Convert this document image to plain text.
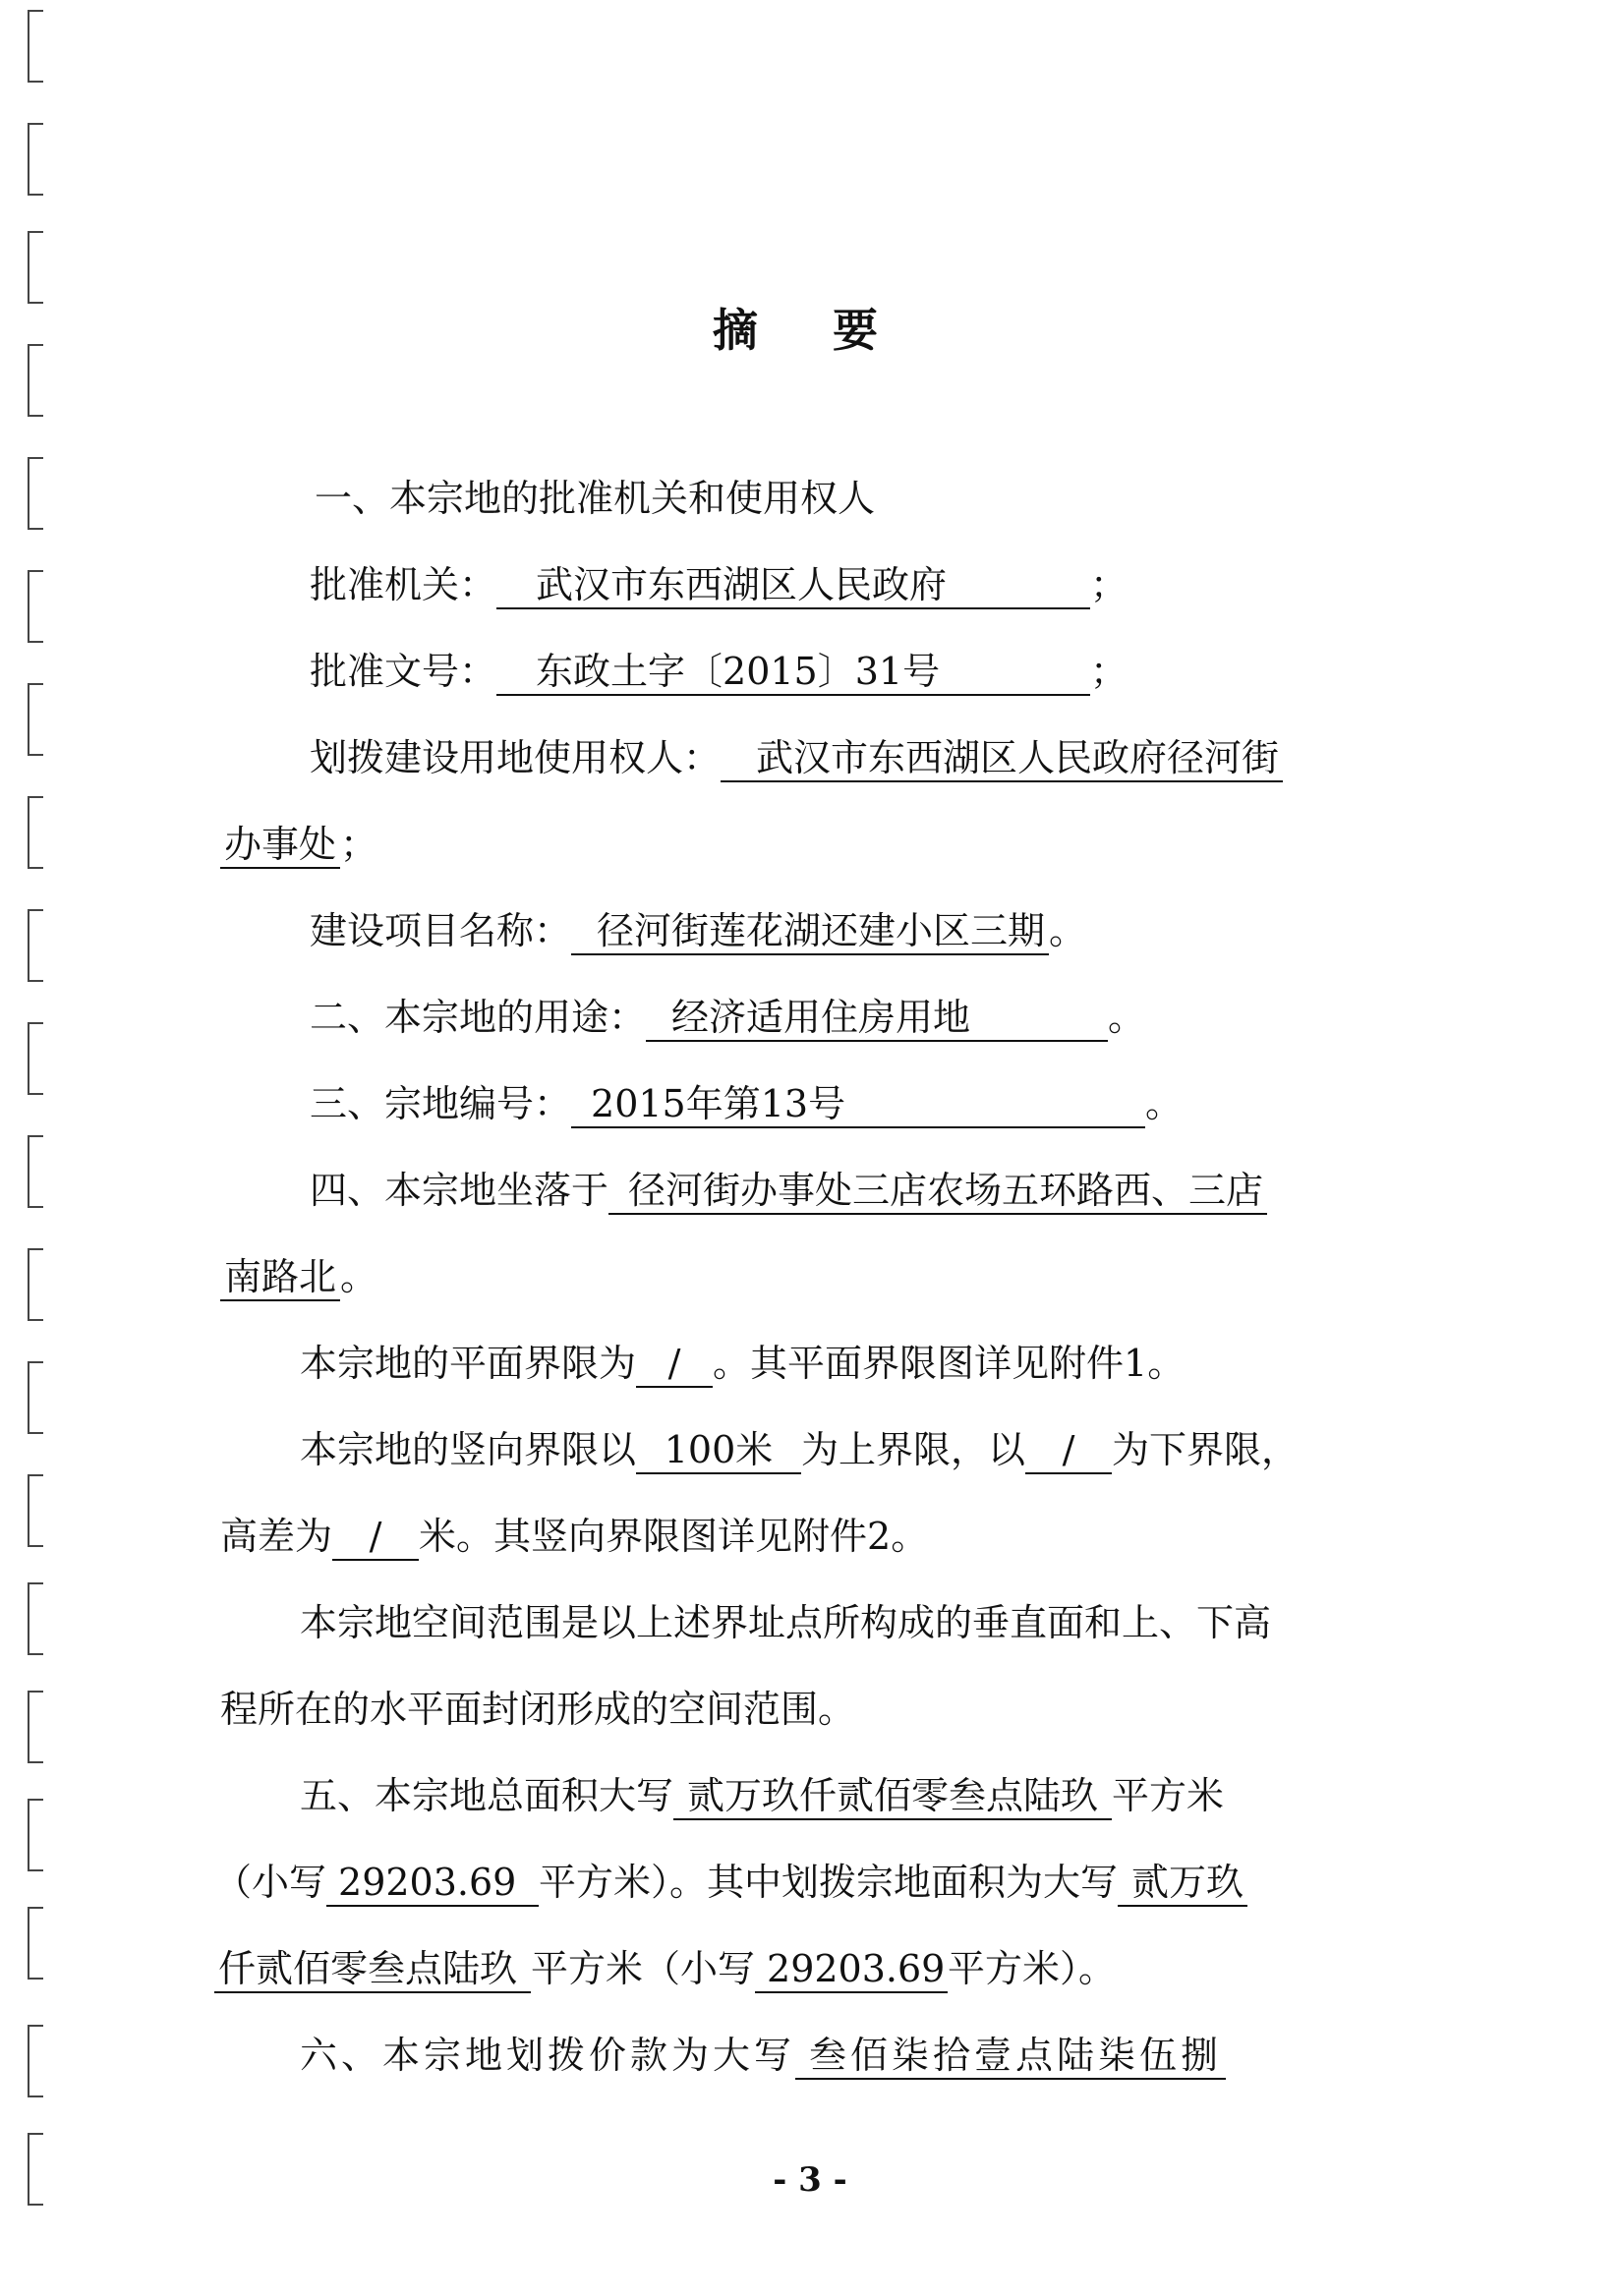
摘 要
一、本宗地的批准机关和使用权人
批准机关： 武汉市东西湖区人民政府	；
批准文号： 东政土字〔2015〕31号	；
划拨建设用地使用权人： 武汉市东西湖区人民政府径河街
办事处 ；
建设项目名称： 径河街莲花湖还建小区三期 。
二、本宗地的用途： 经济适用住房用地	。
三、宗地编号： 2015年第13号	。
四、本宗地坐落于 径河街办事处三店农场五环路西、三店
南路北 。
本宗地的平面界限为 / 。其平面界限图详见附件1。
本宗地的竖向界限以 100米 为上界限，以 / 为下界限，
高差为 / 米。其竖向界限图详见附件2。
本宗地空间范围是以上述界址点所构成的垂直面和上、下高
程所在的水平面封闭形成的空间范围。
五、本宗地总面积大写 贰万玖仟贰佰零叁点陆玖 平方米
（小写 29203.69 平方米）。其中划拨宗地面积为大写 贰万玖
仟贰佰零叁点陆玖 平方米（小写 29203.69平方米）。
六、本宗地划拨价款为大写 叁佰柒拾壹点陆柒伍捌
- 3 -
